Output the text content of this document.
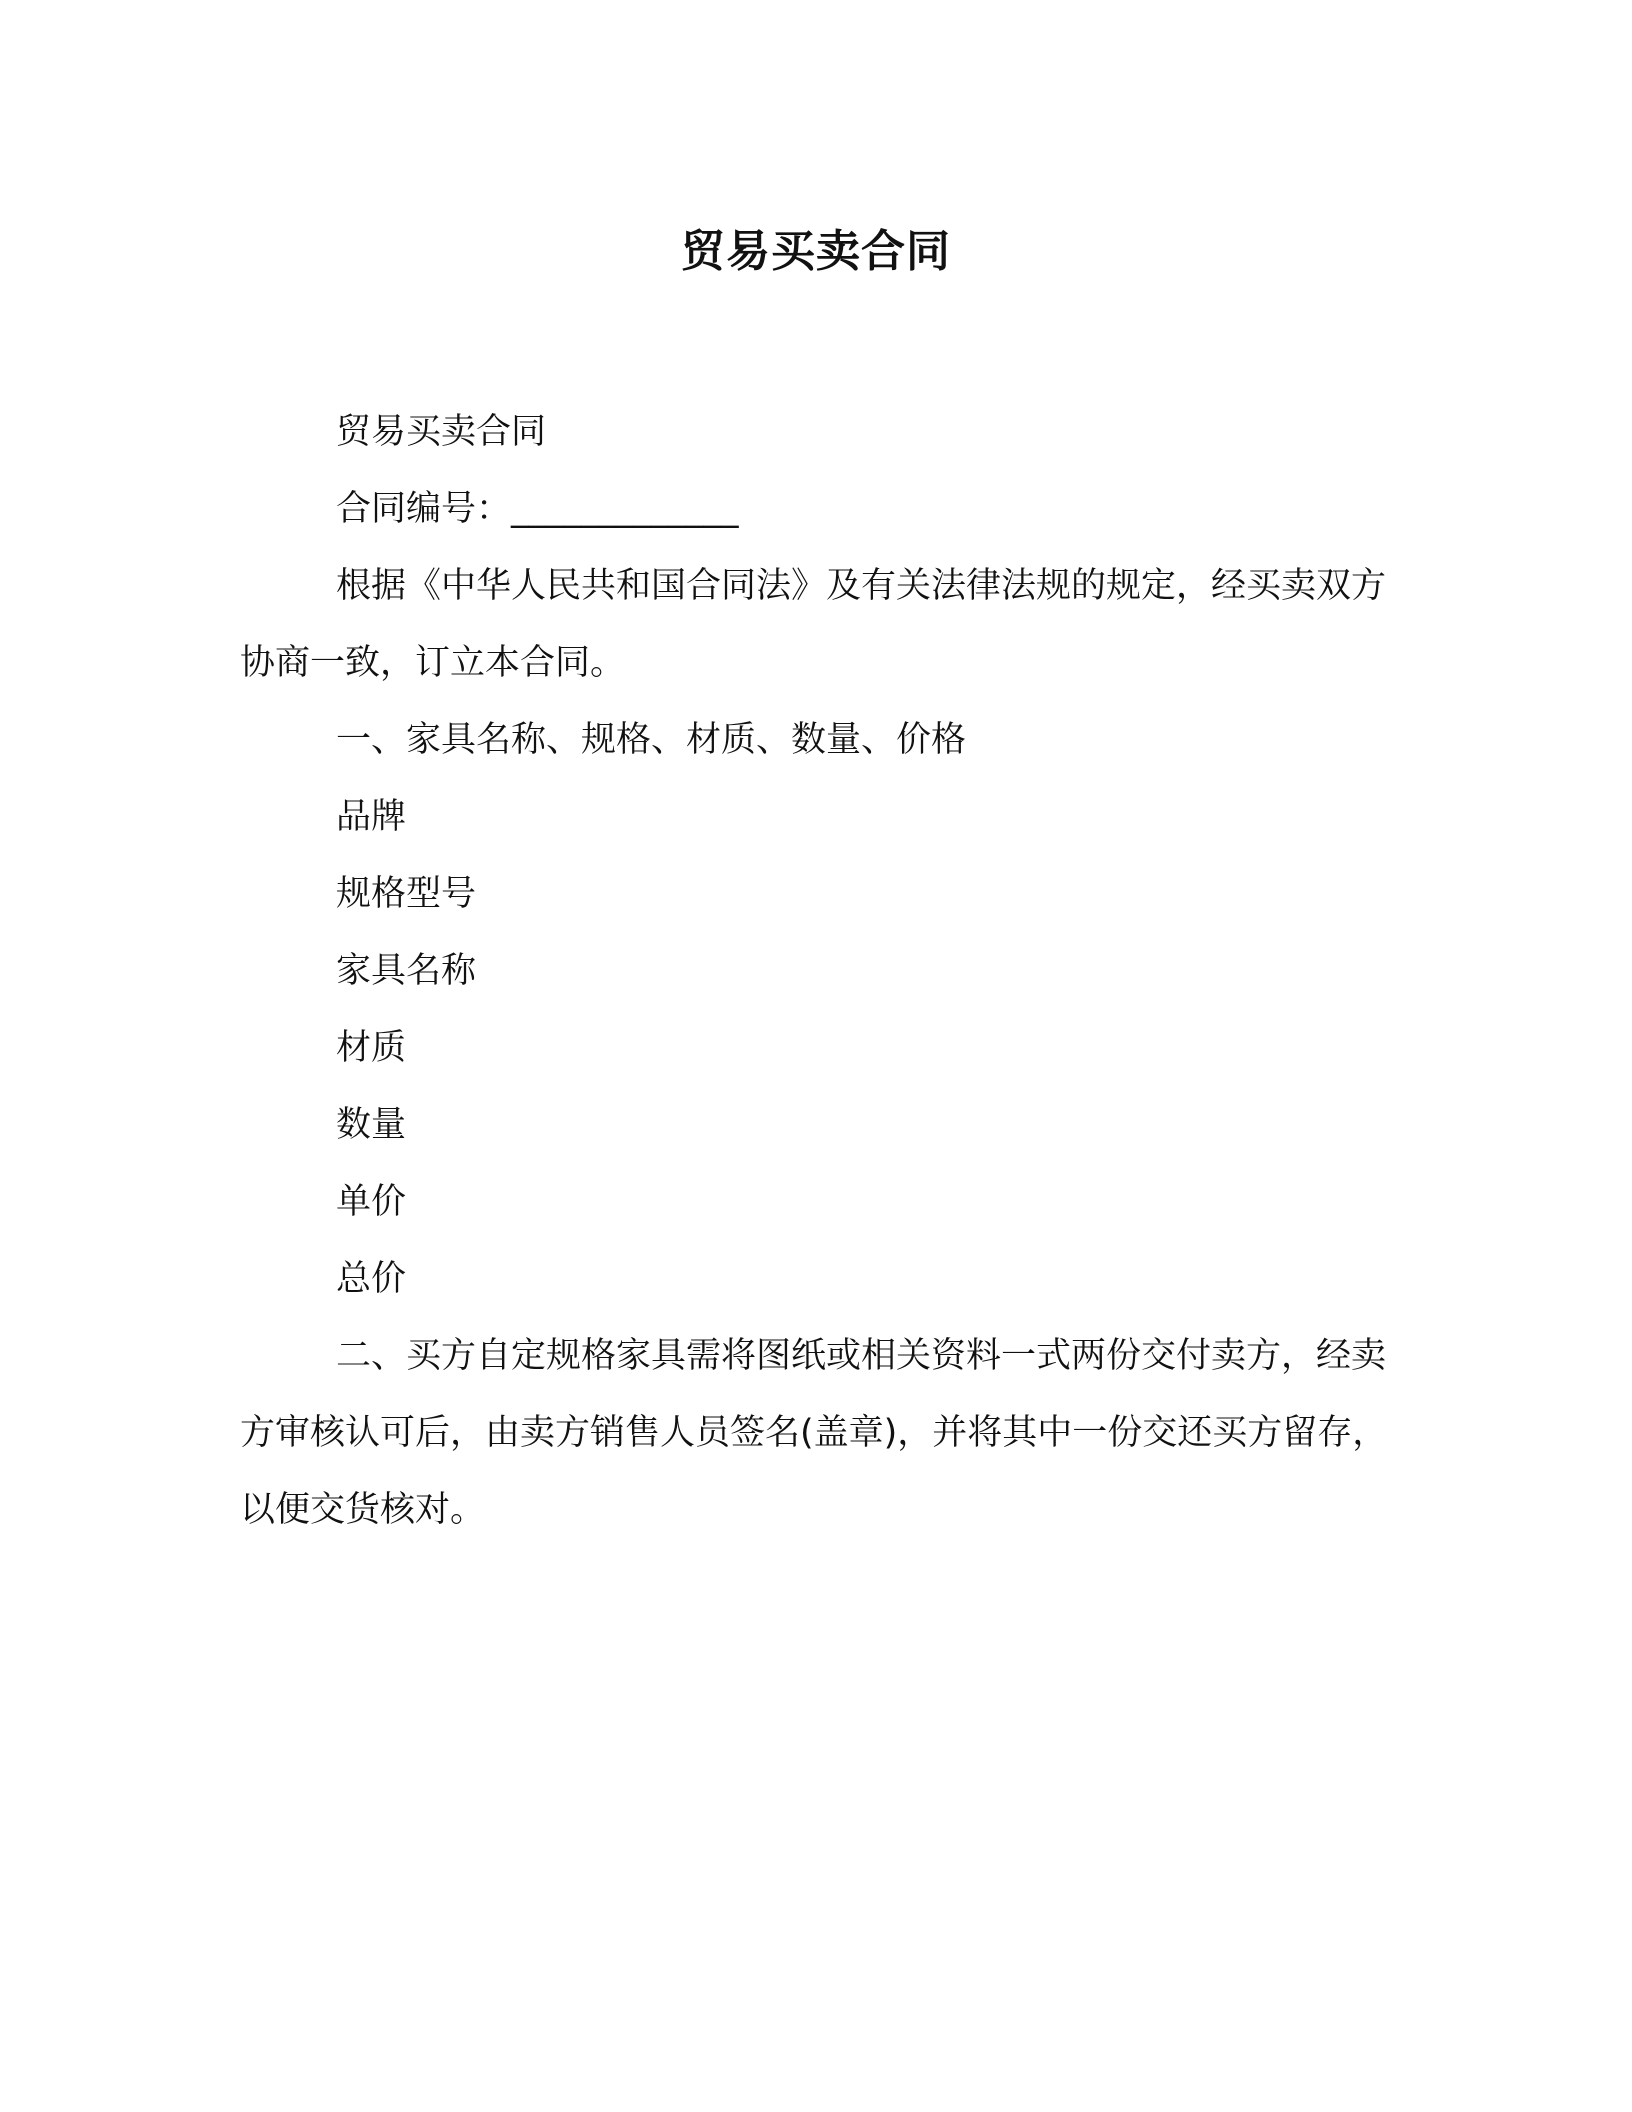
贸易买卖合同

贸易买卖合同

合同编号：_____________

根据《中华人民共和国合同法》及有关法律法规的规定，经买卖双方协商一致，订立本合同。

一、家具名称、规格、材质、数量、价格

品牌

规格型号

家具名称

材质

数量

单价

总价

二、买方自定规格家具需将图纸或相关资料一式两份交付卖方，经卖方审核认可后，由卖方销售人员签名(盖章)，并将其中一份交还买方留存，以便交货核对。
